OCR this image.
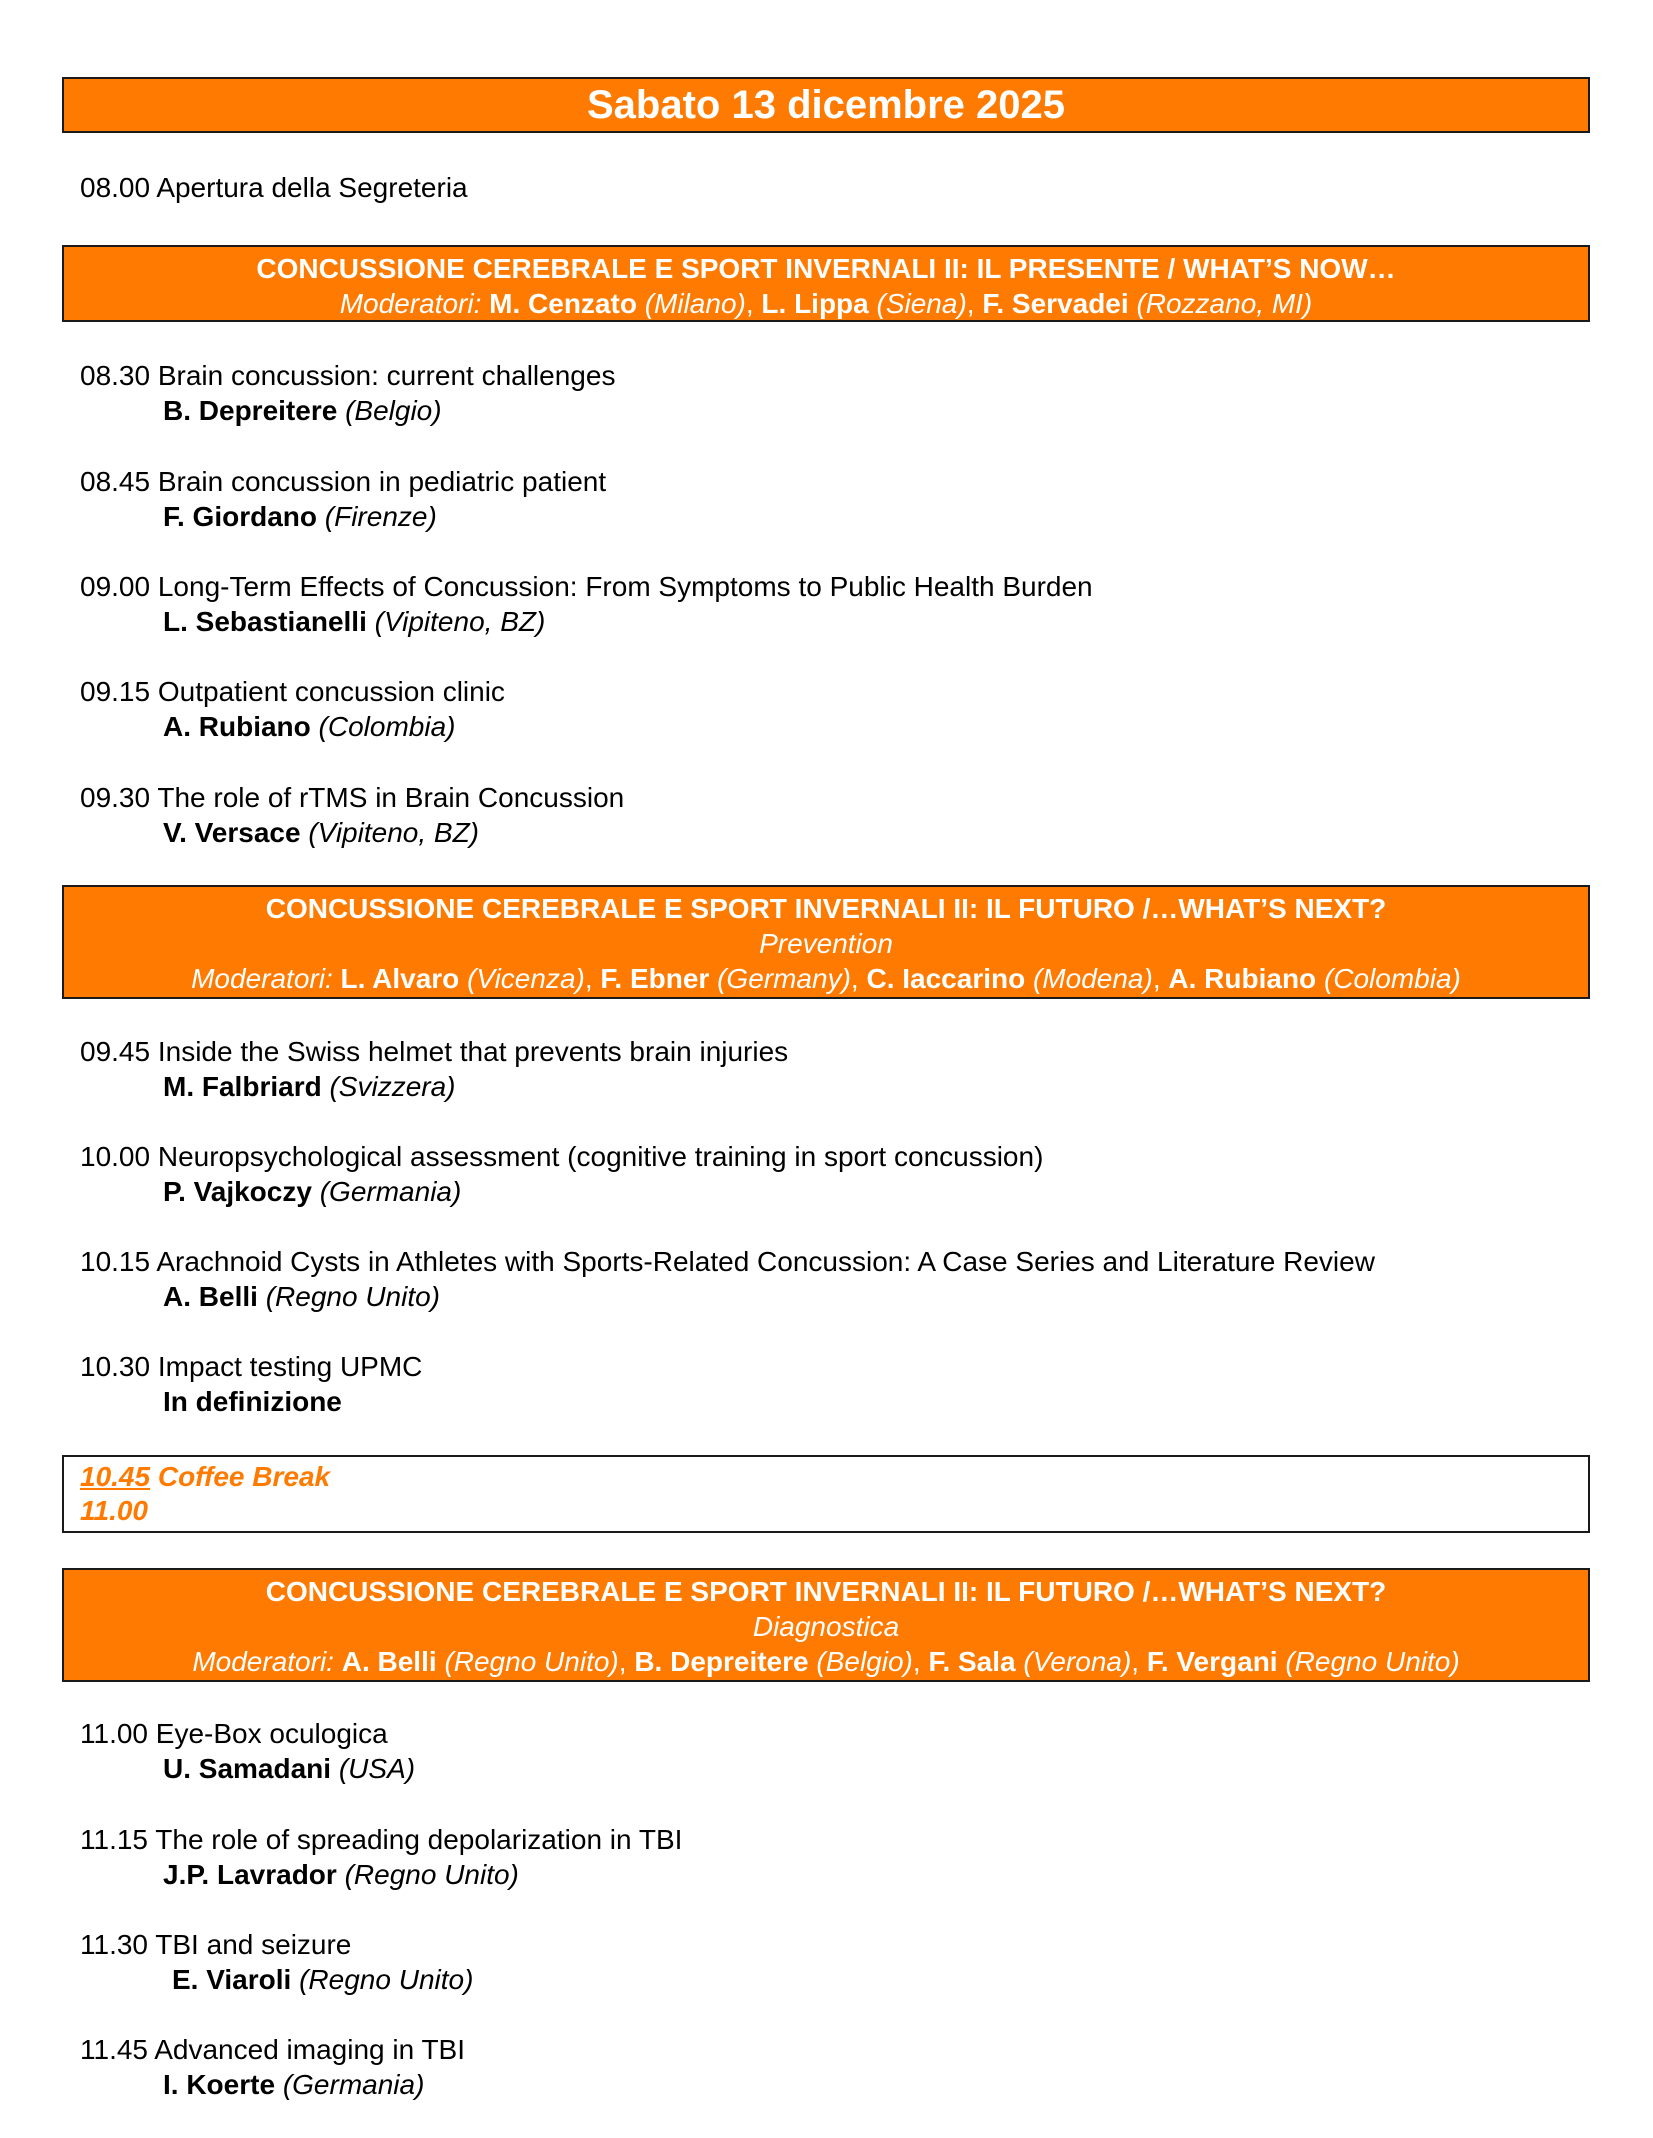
Sabato 13 dicembre 2025
08.00 Apertura della Segreteria
CONCUSSIONE CEREBRALE E SPORT INVERNALI II: IL PRESENTE / WHAT’S NOW…
Moderatori: M. Cenzato (Milano), L. Lippa (Siena), F. Servadei (Rozzano, MI)
08.30 Brain concussion: current challenges
B. Depreitere (Belgio)
08.45 Brain concussion in pediatric patient
F. Giordano (Firenze)
09.00 Long-Term Effects of Concussion: From Symptoms to Public Health Burden
L. Sebastianelli (Vipiteno, BZ)
09.15 Outpatient concussion clinic
A. Rubiano (Colombia)
09.30 The role of rTMS in Brain Concussion
V. Versace (Vipiteno, BZ)
CONCUSSIONE CEREBRALE E SPORT INVERNALI II: IL FUTURO /…WHAT’S NEXT?
Prevention
Moderatori: L. Alvaro (Vicenza), F. Ebner (Germany), C. Iaccarino (Modena), A. Rubiano (Colombia)
09.45 Inside the Swiss helmet that prevents brain injuries
M. Falbriard (Svizzera)
10.00 Neuropsychological assessment (cognitive training in sport concussion)
P. Vajkoczy (Germania)
10.15 Arachnoid Cysts in Athletes with Sports-Related Concussion: A Case Series and Literature Review
A. Belli (Regno Unito)
10.30 Impact testing UPMC
In definizione
10.45 Coffee Break
11.00
CONCUSSIONE CEREBRALE E SPORT INVERNALI II: IL FUTURO /…WHAT’S NEXT?
Diagnostica
Moderatori: A. Belli (Regno Unito), B. Depreitere (Belgio), F. Sala (Verona), F. Vergani (Regno Unito)
11.00 Eye-Box oculogica
U. Samadani (USA)
11.15 The role of spreading depolarization in TBI
J.P. Lavrador (Regno Unito)
11.30 TBI and seizure
E. Viaroli (Regno Unito)
11.45 Advanced imaging in TBI
I. Koerte (Germania)
